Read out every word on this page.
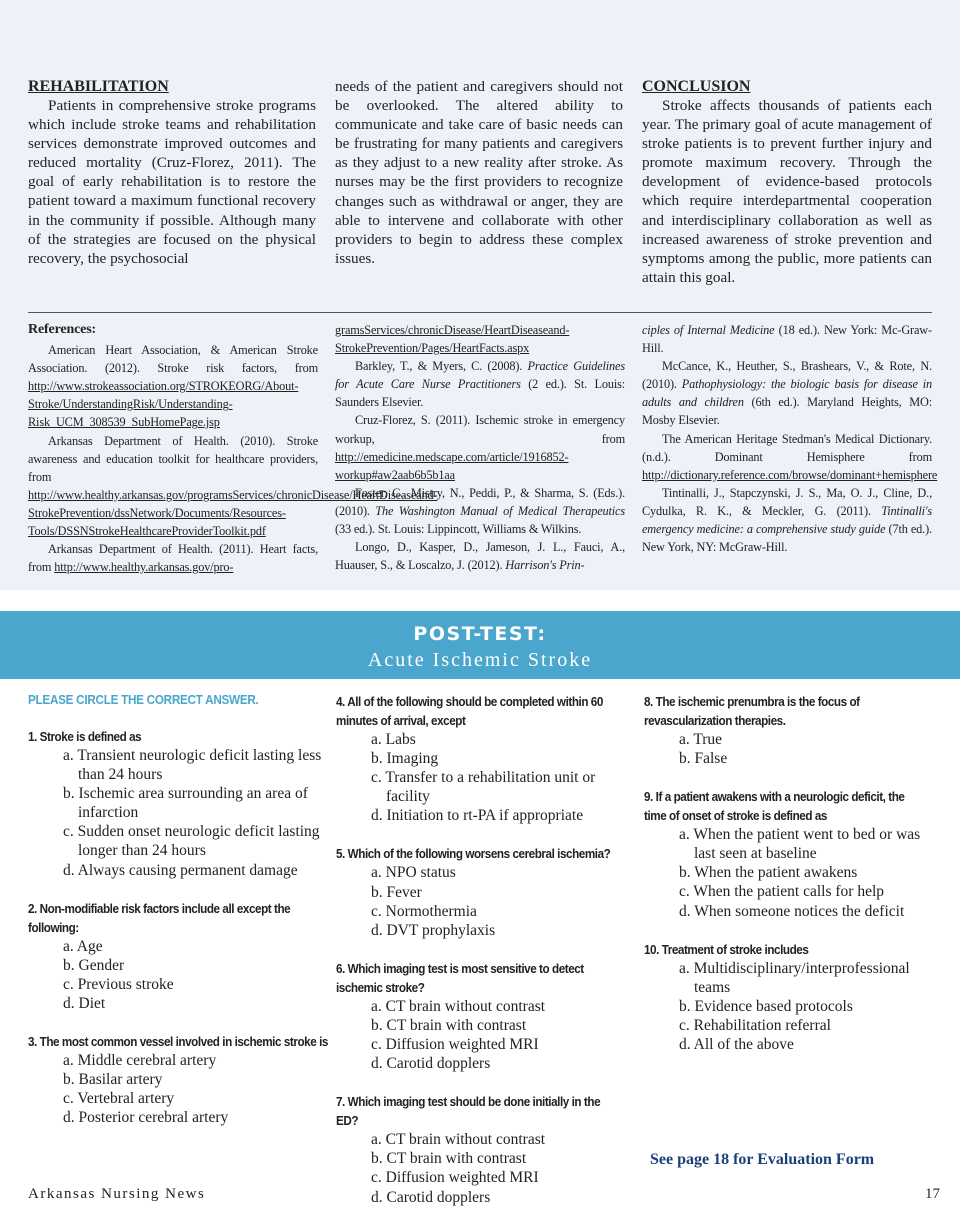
REHABILITATION

Patients in comprehensive stroke programs which include stroke teams and rehabilitation services demonstrate improved outcomes and reduced mortality (Cruz-Florez, 2011). The goal of early rehabilitation is to restore the patient toward a maximum functional recovery in the community if possible. Although many of the strategies are focused on the physical recovery, the psychosocial

needs of the patient and caregivers should not be overlooked. The altered ability to communicate and take care of basic needs can be frustrating for many patients and caregivers as they adjust to a new reality after stroke. As nurses may be the first providers to recognize changes such as withdrawal or anger, they are able to intervene and collaborate with other providers to begin to address these complex issues.

CONCLUSION

Stroke affects thousands of patients each year. The primary goal of acute management of stroke patients is to prevent further injury and promote maximum recovery. Through the development of evidence-based protocols which require interdepartmental cooperation and interdisciplinary collaboration as well as increased awareness of stroke prevention and symptoms among the public, more patients can attain this goal.

References:

American Heart Association, & American Stroke Association. (2012). Stroke risk factors, from http://www.strokeassociation.org/STROKEORG/About-Stroke/UnderstandingRisk/Understanding-Risk_UCM_308539_SubHomePage.jsp

Arkansas Department of Health. (2010). Stroke awareness and education toolkit for healthcare providers, from http://www.healthy.arkansas.gov/programsServices/chronicDisease/HeartDiseaseand-StrokePrevention/dssNetwork/Documents/Resources-Tools/DSSNStrokeHealthcareProviderToolkit.pdf

Arkansas Department of Health. (2011). Heart facts, from http://www.healthy.arkansas.gov/pro-

gramsServices/chronicDisease/HeartDiseaseand-StrokePrevention/Pages/HeartFacts.aspx

Barkley, T., & Myers, C. (2008). Practice Guidelines for Acute Care Nurse Practitioners (2 ed.). St. Louis: Saunders Elsevier.

Cruz-Florez, S. (2011). Ischemic stroke in emergency workup, from http://emedicine.medscape.com/article/1916852-workup#aw2aab6b5b1aa

Foster, C., Mistry, N., Peddi, P., & Sharma, S. (Eds.). (2010). The Washington Manual of Medical Therapeutics (33 ed.). St. Louis: Lippincott, Williams & Wilkins.

Longo, D., Kasper, D., Jameson, J. L., Fauci, A., Huauser, S., & Loscalzo, J. (2012). Harrison's Prin-

ciples of Internal Medicine (18 ed.). New York: Mc-Graw-Hill.

McCance, K., Heuther, S., Brashears, V., & Rote, N. (2010). Pathophysiology: the biologic basis for disease in adults and children (6th ed.). Maryland Heights, MO: Mosby Elsevier.

The American Heritage Stedman's Medical Dictionary. (n.d.). Dominant Hemisphere from http://dictionary.reference.com/browse/dominant+hemisphere

Tintinalli, J., Stapczynski, J. S., Ma, O. J., Cline, D., Cydulka, R. K., & Meckler, G. (2011). Tintinalli's emergency medicine: a comprehensive study guide (7th ed.). New York, NY: McGraw-Hill.

POST-TEST:
Acute Ischemic Stroke
PLEASE CIRCLE THE CORRECT ANSWER.
1. Stroke is defined as
a. Transient neurologic deficit lasting less than 24 hours
b. Ischemic area surrounding an area of infarction
c. Sudden onset neurologic deficit lasting longer than 24 hours
d. Always causing permanent damage
2. Non-modifiable risk factors include all except the following:
a. Age
b. Gender
c. Previous stroke
d. Diet
3. The most common vessel involved in ischemic stroke is
a. Middle cerebral artery
b. Basilar artery
c. Vertebral artery
d. Posterior cerebral artery
4. All of the following should be completed within 60 minutes of arrival, except
a. Labs
b. Imaging
c. Transfer to a rehabilitation unit or facility
d. Initiation to rt-PA if appropriate
5. Which of the following worsens cerebral ischemia?
a. NPO status
b. Fever
c. Normothermia
d. DVT prophylaxis
6. Which imaging test is most sensitive to detect ischemic stroke?
a. CT brain without contrast
b. CT brain with contrast
c. Diffusion weighted MRI
d. Carotid dopplers
7. Which imaging test should be done initially in the ED?
a. CT brain without contrast
b. CT brain with contrast
c. Diffusion weighted MRI
d. Carotid dopplers
8. The ischemic prenumbra is the focus of revascularization therapies.
a. True
b. False
9. If a patient awakens with a neurologic deficit, the time of onset of stroke is defined as
a. When the patient went to bed or was last seen at baseline
b. When the patient awakens
c. When the patient calls for help
d. When someone notices the deficit
10. Treatment of stroke includes
a. Multidisciplinary/interprofessional teams
b. Evidence based protocols
c. Rehabilitation referral
d. All of the above
See page 18 for Evaluation Form
Arkansas Nursing News	17
